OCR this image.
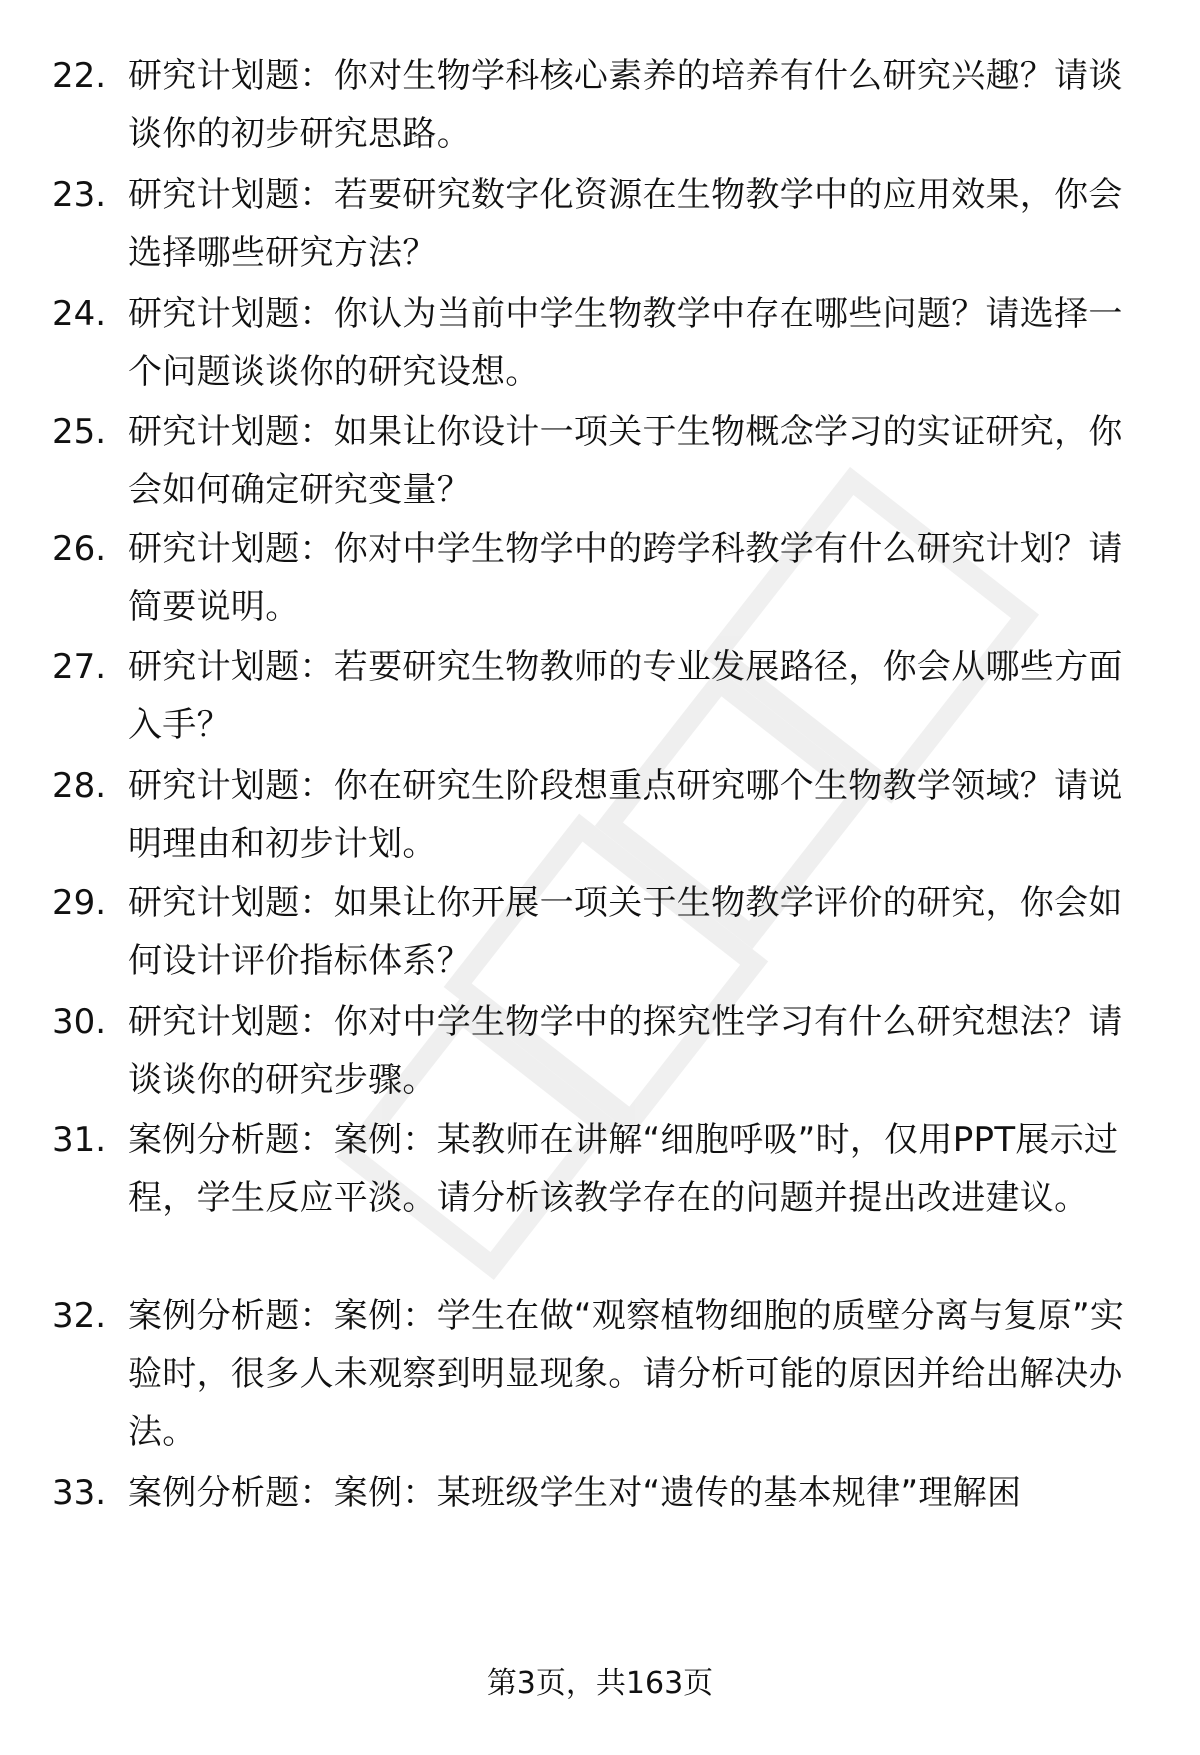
22. 研究计划题：你对生物学科核心素养的培养有什么研究兴趣？请谈谈你的初步研究思路。
23. 研究计划题：若要研究数字化资源在生物教学中的应用效果，你会选择哪些研究方法？
24. 研究计划题：你认为当前中学生物教学中存在哪些问题？请选择一个问题谈谈你的研究设想。
25. 研究计划题：如果让你设计一项关于生物概念学习的实证研究，你会如何确定研究变量？
26. 研究计划题：你对中学生物学中的跨学科教学有什么研究计划？请简要说明。
27. 研究计划题：若要研究生物教师的专业发展路径，你会从哪些方面入手？
28. 研究计划题：你在研究生阶段想重点研究哪个生物教学领域？请说明理由和初步计划。
29. 研究计划题：如果让你开展一项关于生物教学评价的研究，你会如何设计评价指标体系？
30. 研究计划题：你对中学生物学中的探究性学习有什么研究想法？请谈谈你的研究步骤。
31. 案例分析题：案例：某教师在讲解“细胞呼吸”时，仅用PPT展示过程，学生反应平淡。请分析该教学存在的问题并提出改进建议。
32. 案例分析题：案例：学生在做“观察植物细胞的质壁分离与复原”实验时，很多人未观察到明显现象。请分析可能的原因并给出解决办法。
33. 案例分析题：案例：某班级学生对“遗传的基本规律”理解困
第3页，共163页
